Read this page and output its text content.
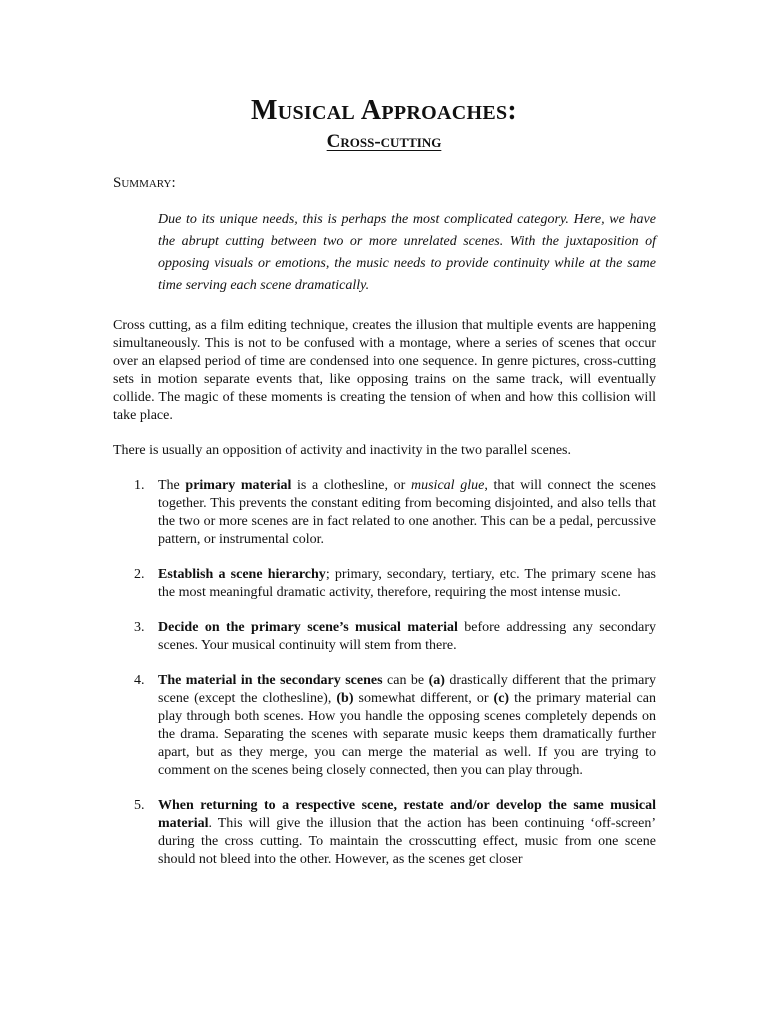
Musical Approaches:
Cross-cutting

Summary:

Due to its unique needs, this is perhaps the most complicated category. Here, we have the abrupt cutting between two or more unrelated scenes. With the juxtaposition of opposing visuals or emotions, the music needs to provide continuity while at the same time serving each scene dramatically.

Cross cutting, as a film editing technique, creates the illusion that multiple events are happening simultaneously. This is not to be confused with a montage, where a series of scenes that occur over an elapsed period of time are condensed into one sequence. In genre pictures, cross-cutting sets in motion separate events that, like opposing trains on the same track, will eventually collide. The magic of these moments is creating the tension of when and how this collision will take place.

There is usually an opposition of activity and inactivity in the two parallel scenes.

1. The primary material is a clothesline, or musical glue, that will connect the scenes together. This prevents the constant editing from becoming disjointed, and also tells that the two or more scenes are in fact related to one another. This can be a pedal, percussive pattern, or instrumental color.
2. Establish a scene hierarchy; primary, secondary, tertiary, etc. The primary scene has the most meaningful dramatic activity, therefore, requiring the most intense music.
3. Decide on the primary scene’s musical material before addressing any secondary scenes. Your musical continuity will stem from there.
4. The material in the secondary scenes can be (a) drastically different that the primary scene (except the clothesline), (b) somewhat different, or (c) the primary material can play through both scenes. How you handle the opposing scenes completely depends on the drama. Separating the scenes with separate music keeps them dramatically further apart, but as they merge, you can merge the material as well. If you are trying to comment on the scenes being closely connected, then you can play through.
5. When returning to a respective scene, restate and/or develop the same musical material. This will give the illusion that the action has been continuing ‘off-screen’ during the cross cutting. To maintain the crosscutting effect, music from one scene should not bleed into the other. However, as the scenes get closer
